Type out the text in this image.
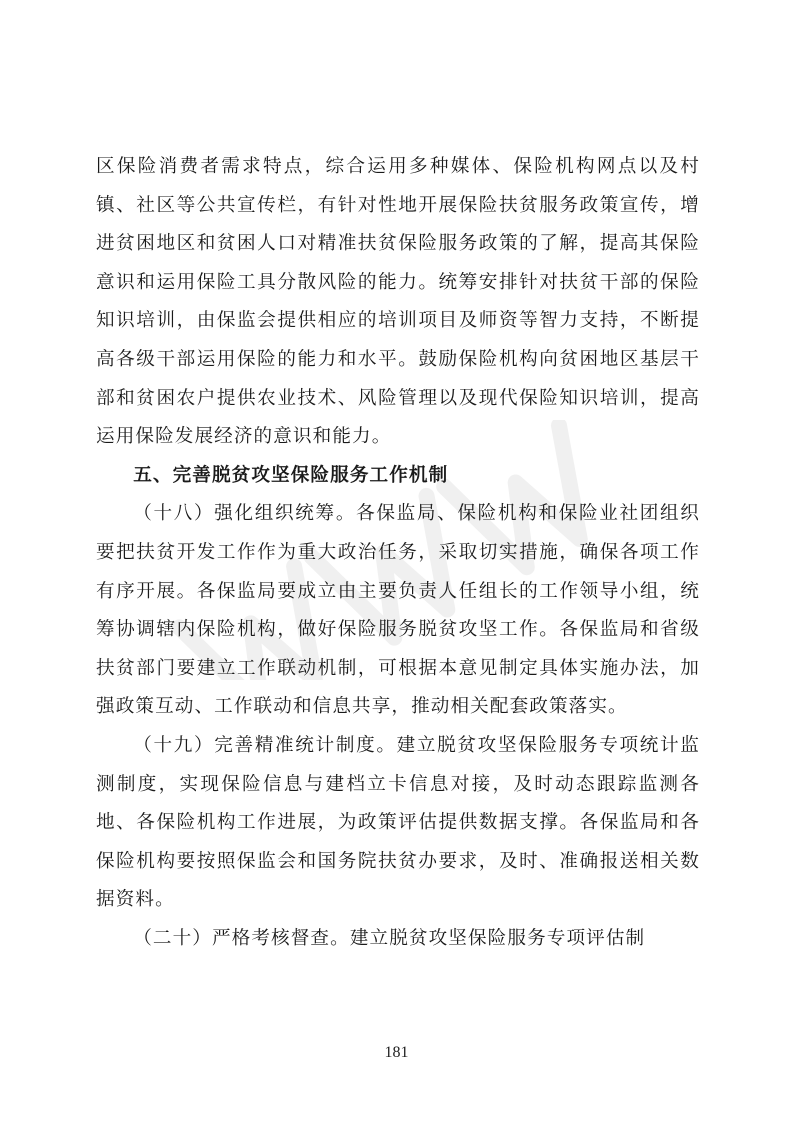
区保险消费者需求特点，综合运用多种媒体、保险机构网点以及村镇、社区等公共宣传栏，有针对性地开展保险扶贫服务政策宣传，增进贫困地区和贫困人口对精准扶贫保险服务政策的了解，提高其保险意识和运用保险工具分散风险的能力。统筹安排针对扶贫干部的保险知识培训，由保监会提供相应的培训项目及师资等智力支持，不断提高各级干部运用保险的能力和水平。鼓励保险机构向贫困地区基层干部和贫困农户提供农业技术、风险管理以及现代保险知识培训，提高运用保险发展经济的意识和能力。

五、完善脱贫攻坚保险服务工作机制

（十八）强化组织统筹。各保监局、保险机构和保险业社团组织要把扶贫开发工作作为重大政治任务，采取切实措施，确保各项工作有序开展。各保监局要成立由主要负责人任组长的工作领导小组，统筹协调辖内保险机构，做好保险服务脱贫攻坚工作。各保监局和省级扶贫部门要建立工作联动机制，可根据本意见制定具体实施办法，加强政策互动、工作联动和信息共享，推动相关配套政策落实。

（十九）完善精准统计制度。建立脱贫攻坚保险服务专项统计监测制度，实现保险信息与建档立卡信息对接，及时动态跟踪监测各地、各保险机构工作进展，为政策评估提供数据支撑。各保监局和各保险机构要按照保监会和国务院扶贫办要求，及时、准确报送相关数据资料。

（二十）严格考核督查。建立脱贫攻坚保险服务专项评估制

181
